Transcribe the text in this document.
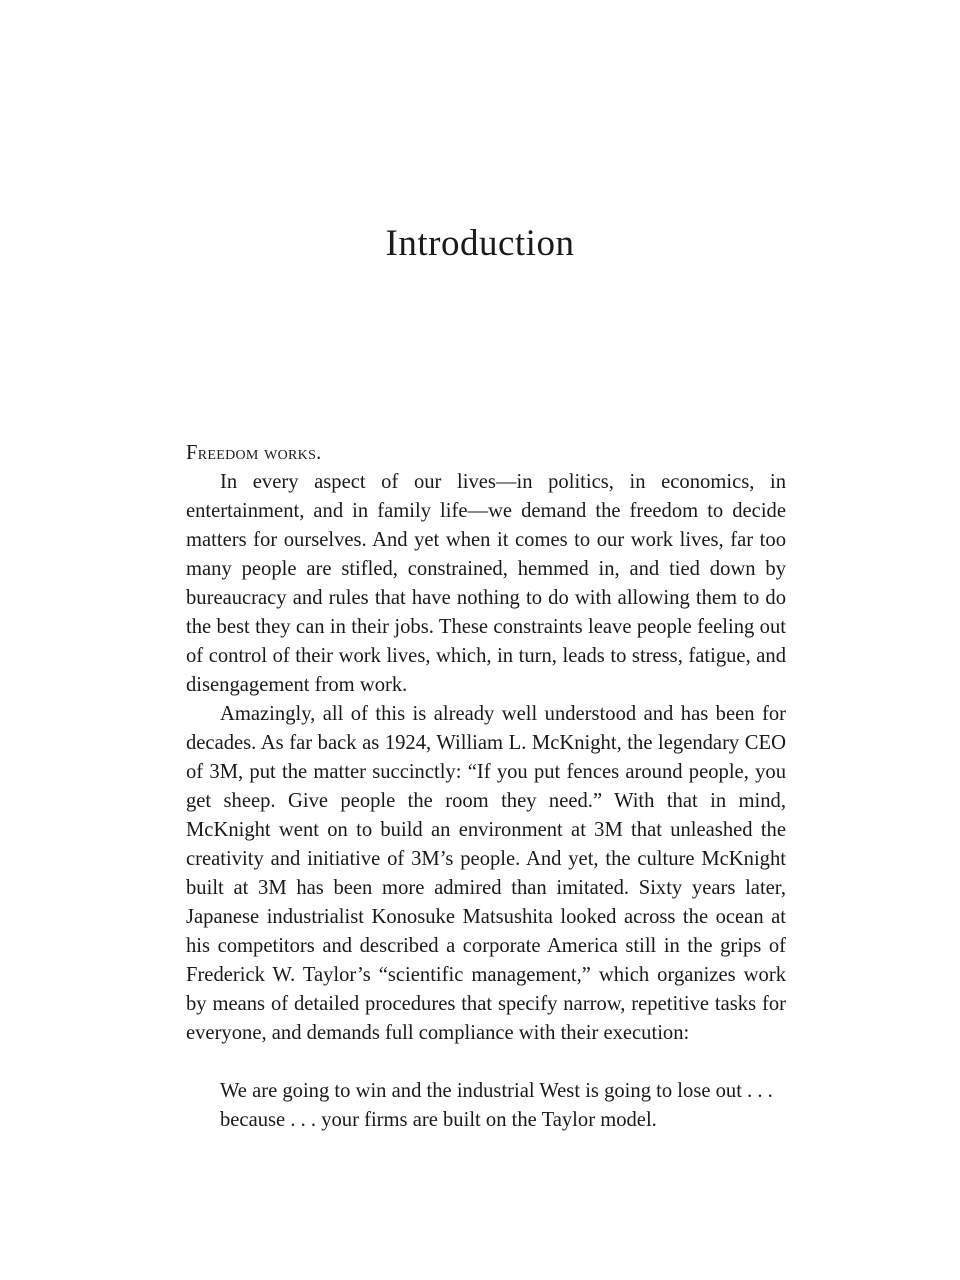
Introduction

Freedom works.

In every aspect of our lives—in politics, in economics, in entertainment, and in family life—we demand the freedom to decide matters for ourselves. And yet when it comes to our work lives, far too many people are stifled, constrained, hemmed in, and tied down by bureaucracy and rules that have nothing to do with allowing them to do the best they can in their jobs. These constraints leave people feeling out of control of their work lives, which, in turn, leads to stress, fatigue, and disengagement from work.

Amazingly, all of this is already well understood and has been for decades. As far back as 1924, William L. McKnight, the legendary CEO of 3M, put the matter succinctly: “If you put fences around people, you get sheep. Give people the room they need.” With that in mind, McKnight went on to build an environment at 3M that unleashed the creativity and initiative of 3M’s people. And yet, the culture McKnight built at 3M has been more admired than imitated. Sixty years later, Japanese industrialist Konosuke Matsushita looked across the ocean at his competitors and described a corporate America still in the grips of Frederick W. Taylor’s “scientific management,” which organizes work by means of detailed procedures that specify narrow, repetitive tasks for everyone, and demands full compliance with their execution:

We are going to win and the industrial West is going to lose out . . . because . . . your firms are built on the Taylor model.
